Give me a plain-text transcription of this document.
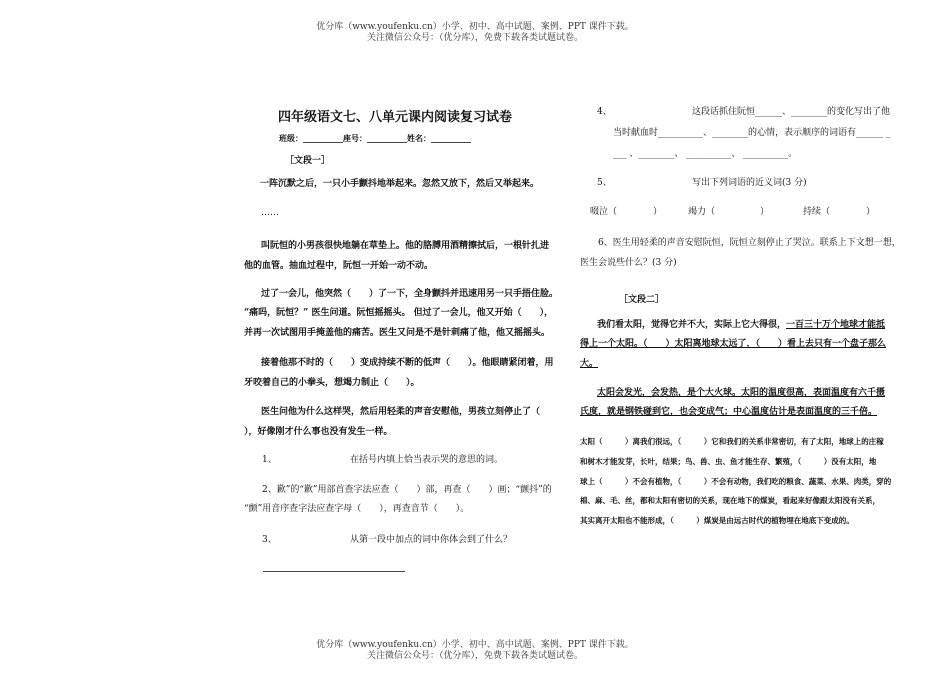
优分库（www.youfenku.cn）小学、初中、高中试题、案例、PPT 课件下载。
关注微信公众号：（优分库），免费下载各类试题试卷。
四年级语文七、八单元课内阅读复习试卷
班级：__________座号：__________姓名：__________
［文段一］
一阵沉默之后，一只小手颤抖地举起来。忽然又放下，然后又举起来。
……
叫阮恒的小男孩很快地躺在草垫上。他的胳膊用酒精擦拭后，一根针扎进
他的血管。抽血过程中，阮恒一开始一动不动。
过了一会儿，他突然（　　）了一下，全身颤抖并迅速用另一只手捂住脸。
“痛吗，阮恒？” 医生问道。阮恒摇摇头。 但过了一会儿，他又开始（　　），
并再一次试图用手掩盖他的痛苦。医生又问是不是针刺痛了他，他又摇摇头。
接着他那不时的（　　）变成持续不断的低声（　　）。他眼睛紧闭着，用
牙咬着自己的小拳头，想竭力制止（　　）。
医生问他为什么这样哭，然后用轻柔的声音安慰他，男孩立刻停止了（
），好像刚才什么事也没有发生一样。
1、	在括号内填上恰当表示哭的意思的词。
2、歉”的“歉”用部首查字法应查（　　）部，再查（　　）画；“颤抖”的
“颤”用音序查字法应查字母（　　），再查音节（　　）。
3、	从第一段中加点的词中你体会到了什么？
4、	这段话抓住阮恒______、________的变化写出了他
当时献血时__________、________的心情，表示顺序的词语有______ _
___ 、________、 __________、 __________。
5、	写出下列词语的近义词(3 分)
啜泣（　　　　）	竭力（　　　　　）	持续（　　　　）
6、医生用轻柔的声音安慰阮恒，阮恒立刻停止了哭泣。联系上下文想一想，
医生会说些什么？(3 分)
［文段二］
我们看太阳，觉得它并不大，实际上它大得很，一百三十万个地球才能抵
得上一个太阳。（　　）太阳离地球太远了，（　　）看上去只有一个盘子那么
大。
太阳会发光，会发热，是个大火球。太阳的温度很高，表面温度有六千摄
氏度，就是钢铁碰到它，也会变成气；中心温度估计是表面温度的三千倍。
太阳（　　　）离我们很远，（　　　）它和我们的关系非常密切，有了太阳，地球上的庄稼
和树木才能发芽，长叶，结果；鸟、兽、虫、鱼才能生存、繁殖，（　　　）没有太阳，地
球上（　　　）不会有植物，（　　　）不会有动物，我们吃的粮食、蔬菜、水果、肉类，穿的
棉、麻、毛、丝，都和太阳有密切的关系，现在地下的煤炭，看起来好像跟太阳没有关系，
其实离开太阳也不能形成，（　　　）煤炭是由远古时代的植物埋在地底下变成的。
优分库（www.youfenku.cn）小学、初中、高中试题、案例、PPT 课件下载。
关注微信公众号：（优分库），免费下载各类试题试卷。
